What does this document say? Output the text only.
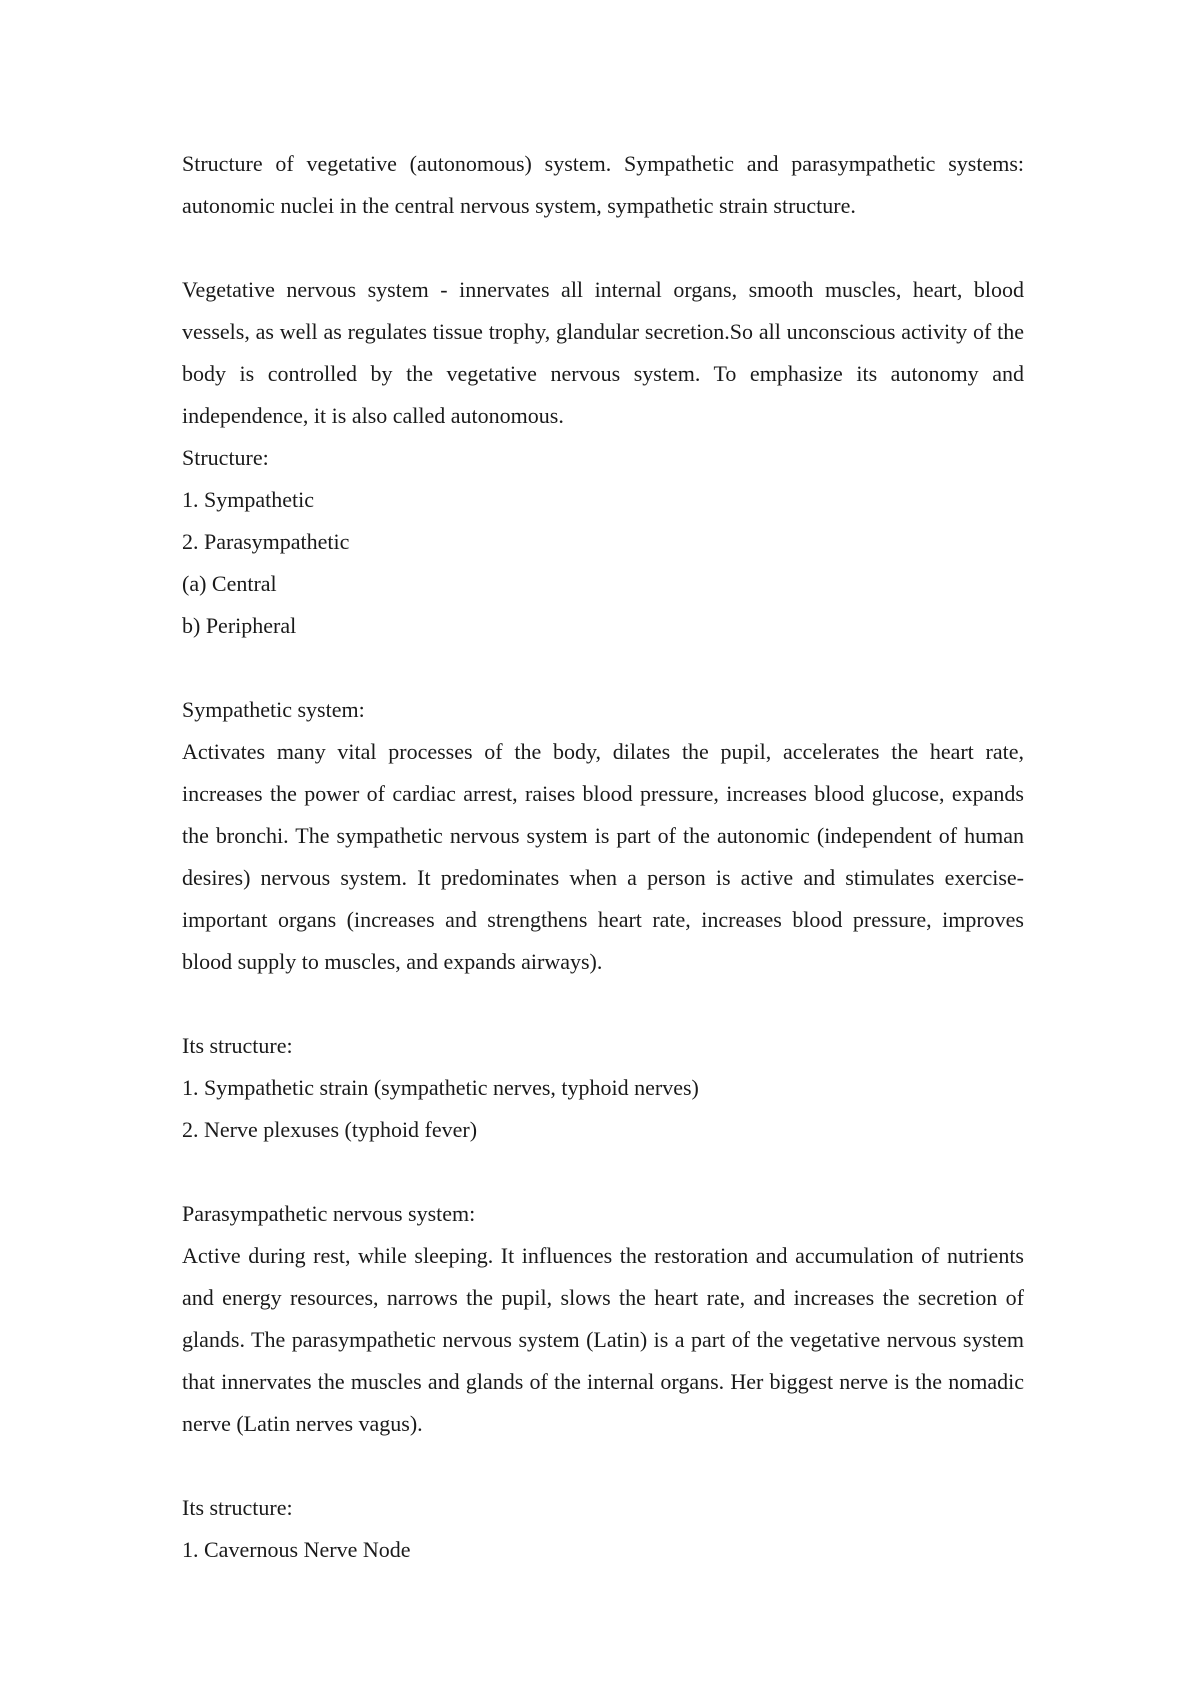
Structure of vegetative (autonomous) system. Sympathetic and parasympathetic systems: autonomic nuclei in the central nervous system, sympathetic strain structure.

Vegetative nervous system - innervates all internal organs, smooth muscles, heart, blood vessels, as well as regulates tissue trophy, glandular secretion.So all unconscious activity of the body is controlled by the vegetative nervous system. To emphasize its autonomy and independence, it is also called autonomous.

Structure:

1. Sympathetic

2. Parasympathetic

(a) Central

b) Peripheral

Sympathetic system:

Activates many vital processes of the body, dilates the pupil, accelerates the heart rate, increases the power of cardiac arrest, raises blood pressure, increases blood glucose, expands the bronchi. The sympathetic nervous system is part of the autonomic (independent of human desires) nervous system. It predominates when a person is active and stimulates exercise-important organs (increases and strengthens heart rate, increases blood pressure, improves blood supply to muscles, and expands airways).

Its structure:

1. Sympathetic strain (sympathetic nerves, typhoid nerves)

2. Nerve plexuses (typhoid fever)

Parasympathetic nervous system:

Active during rest, while sleeping. It influences the restoration and accumulation of nutrients and energy resources, narrows the pupil, slows the heart rate, and increases the secretion of glands. The parasympathetic nervous system (Latin) is a part of the vegetative nervous system that innervates the muscles and glands of the internal organs. Her biggest nerve is the nomadic nerve (Latin nerves vagus).

Its structure:

1. Cavernous Nerve Node
